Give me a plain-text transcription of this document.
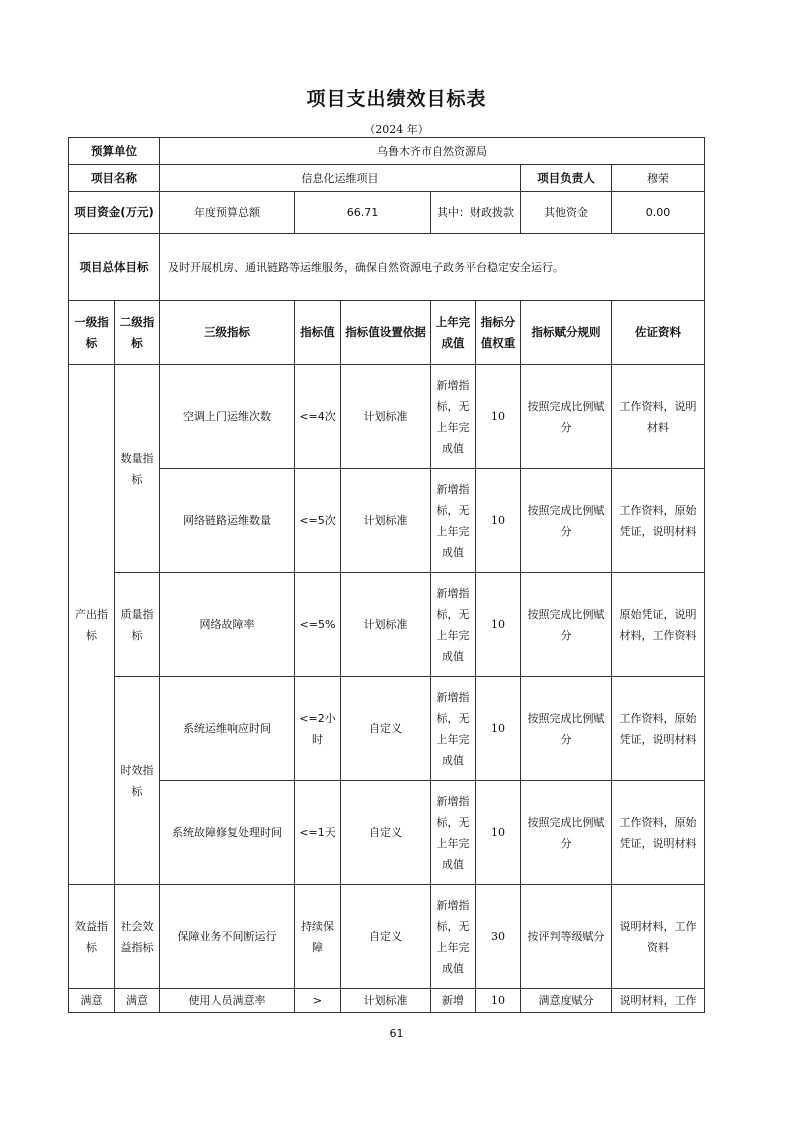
项目支出绩效目标表
（2024 年）
预算单位		乌鲁木齐市自然资源局						
项目名称		信息化运维项目					项目负责人	穆荣
项目资金(万元)		年度预算总额	66.71		其中：财政拨款		其他资金	0.00
项目总体目标		及时开展机房、通讯链路等运维服务，确保自然资源电子政务平台稳定安全运行。						
一级指标	二级指标	三级指标	指标值	指标值设置依据	上年完成值	指标分值权重	指标赋分规则	佐证资料
产出指标	数量指标	空调上门运维次数	<=4次	计划标准	新增指标，无上年完成值	10	按照完成比例赋分	工作资料，说明材料
		网络链路运维数量	<=5次	计划标准	新增指标，无上年完成值	10	按照完成比例赋分	工作资料，原始凭证，说明材料
	质量指标	网络故障率	<=5%	计划标准	新增指标，无上年完成值	10	按照完成比例赋分	原始凭证，说明材料，工作资料
	时效指标	系统运维响应时间	<=2小时	自定义	新增指标，无上年完成值	10	按照完成比例赋分	工作资料，原始凭证，说明材料
		系统故障修复处理时间	<=1天	自定义	新增指标，无上年完成值	10	按照完成比例赋分	工作资料，原始凭证，说明材料
效益指标	社会效益指标	保障业务不间断运行	持续保障	自定义	新增指标，无上年完成值	30	按评判等级赋分	说明材料，工作资料
满意	满意	使用人员满意率	>	计划标准	新增	10	满意度赋分	说明材料，工作
61
